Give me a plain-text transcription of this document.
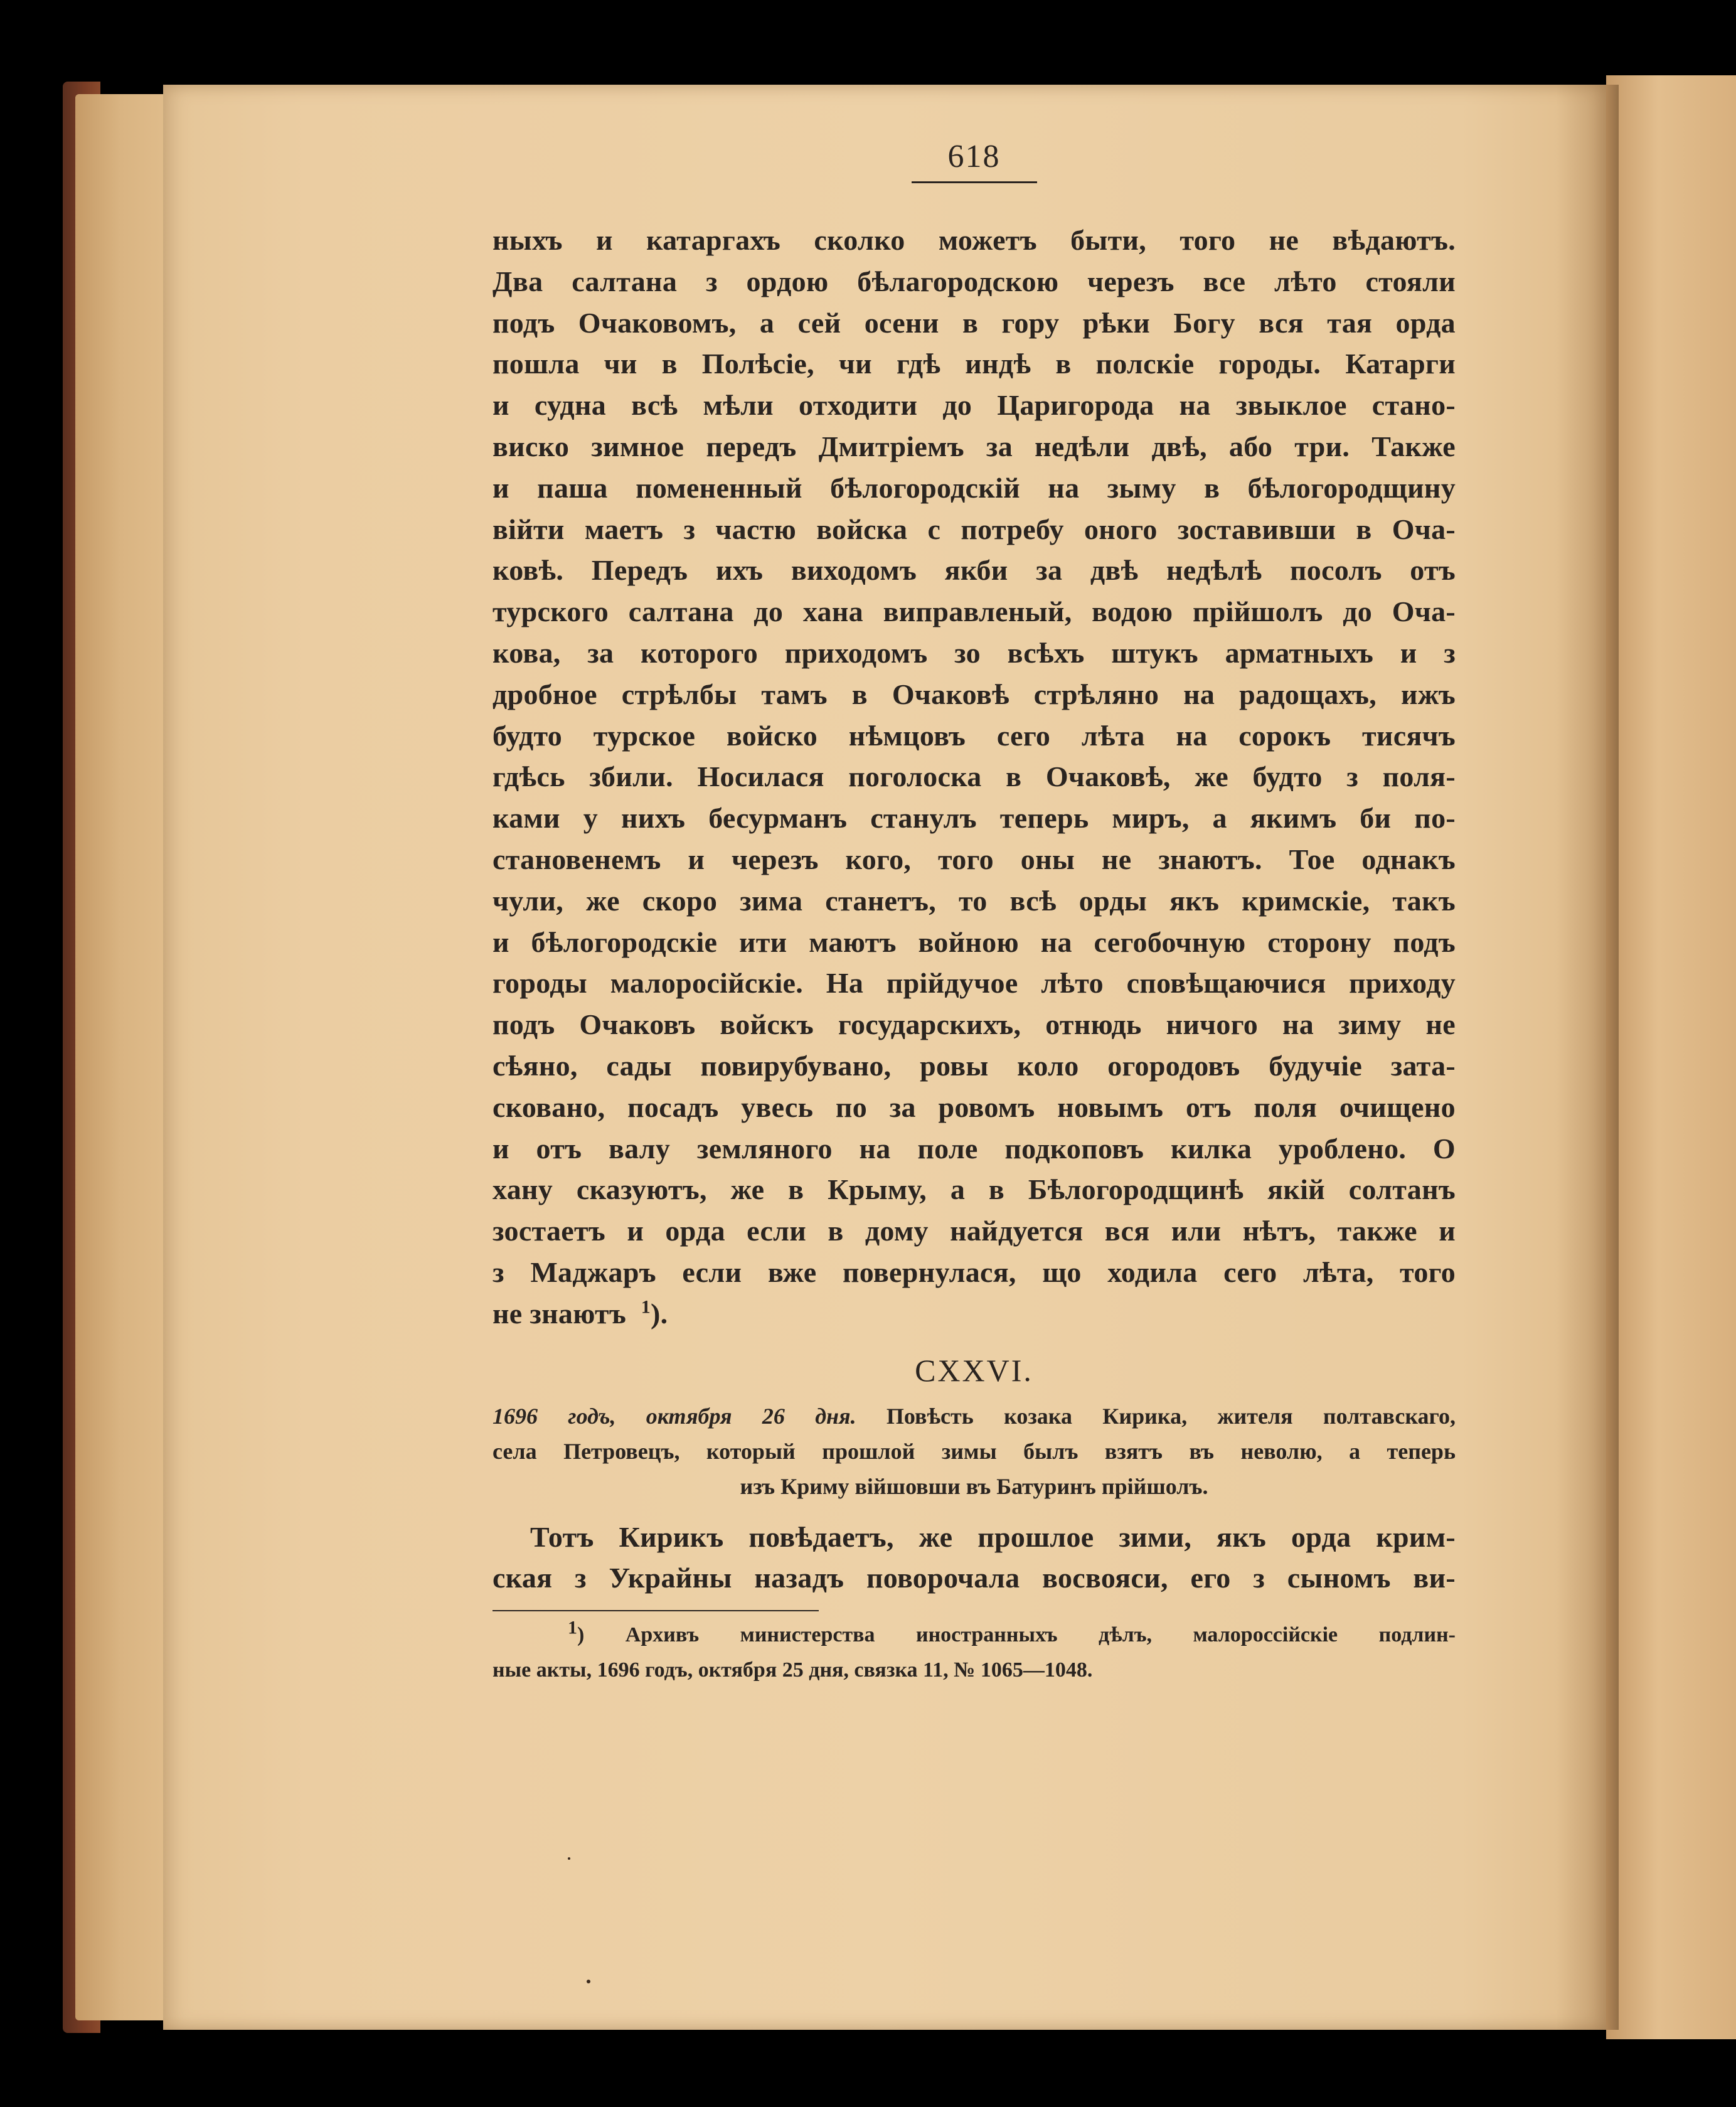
618
ныхъ и катаргахъ сколко можетъ быти, того не вѣдаютъ.
Два салтана з ордою бѣлагородскою черезъ все лѣто стояли
подъ Очаковомъ, а сей осени в гору рѣки Богу вся тая орда
пошла чи в Полѣсіе, чи гдѣ индѣ в полскіе городы. Катарги
и судна всѣ мѣли отходити до Царигорода на звыклое стано-
виско зимное передъ Дмитріемъ за недѣли двѣ, або три. Также
и паша помененный бѣлогородскій на зыму в бѣлогородщину
війти маетъ з частю войска с потребу оного зоставивши в Оча-
ковѣ. Передъ ихъ виходомъ якби за двѣ недѣлѣ посолъ отъ
турского салтана до хана виправленый, водою прійшолъ до Оча-
кова, за которого приходомъ зо всѣхъ штукъ арматныхъ и з
дробное стрѣлбы тамъ в Очаковѣ стрѣляно на радощахъ, ижъ
будто турское войско нѣмцовъ сего лѣта на сорокъ тисячъ
гдѣсь збили. Носилася поголоска в Очаковѣ, же будто з поля-
ками у нихъ бесурманъ станулъ теперь миръ, а якимъ би по-
становенемъ и черезъ кого, того оны не знаютъ. Тое однакъ
чули, же скоро зима станетъ, то всѣ орды якъ кримскіе, такъ
и бѣлогородскіе ити маютъ войною на сегобочную сторону подъ
городы малоросійскіе. На прійдучое лѣто сповѣщаючися приходу
подъ Очаковъ войскъ государскихъ, отнюдь ничого на зиму не
сѣяно, сады повирубувано, ровы коло огородовъ будучіе зата-
сковано, посадъ увесь по за ровомъ новымъ отъ поля очищено
и отъ валу земляного на поле подкоповъ килка уроблено. О
хану сказуютъ, же в Крыму, а в Бѣлогородщинѣ якій солтанъ
зостаетъ и орда если в дому найдуется вся или нѣтъ, также и
з Маджаръ если вже повернулася, що ходила сего лѣта, того
не знаютъ $^1$).
CXXVI.
1696 годъ, октября 26 дня. Повѣсть козака Кирика, жителя полтавскаго,
села Петровецъ, который прошлой зимы былъ взятъ въ неволю, а теперь
изъ Криму війшовши въ Батуринъ прійшолъ.
Тотъ Кирикъ повѣдаетъ, же прошлое зими, якъ орда крим-
ская з Украйны назадъ поворочала восвояси, его з сыномъ ви-
1) Архивъ министерства иностранныхъ дѣлъ, малороссійскіе подлин-
ные акты, 1696 годъ, октября 25 дня, связка 11, № 1065—1048.
